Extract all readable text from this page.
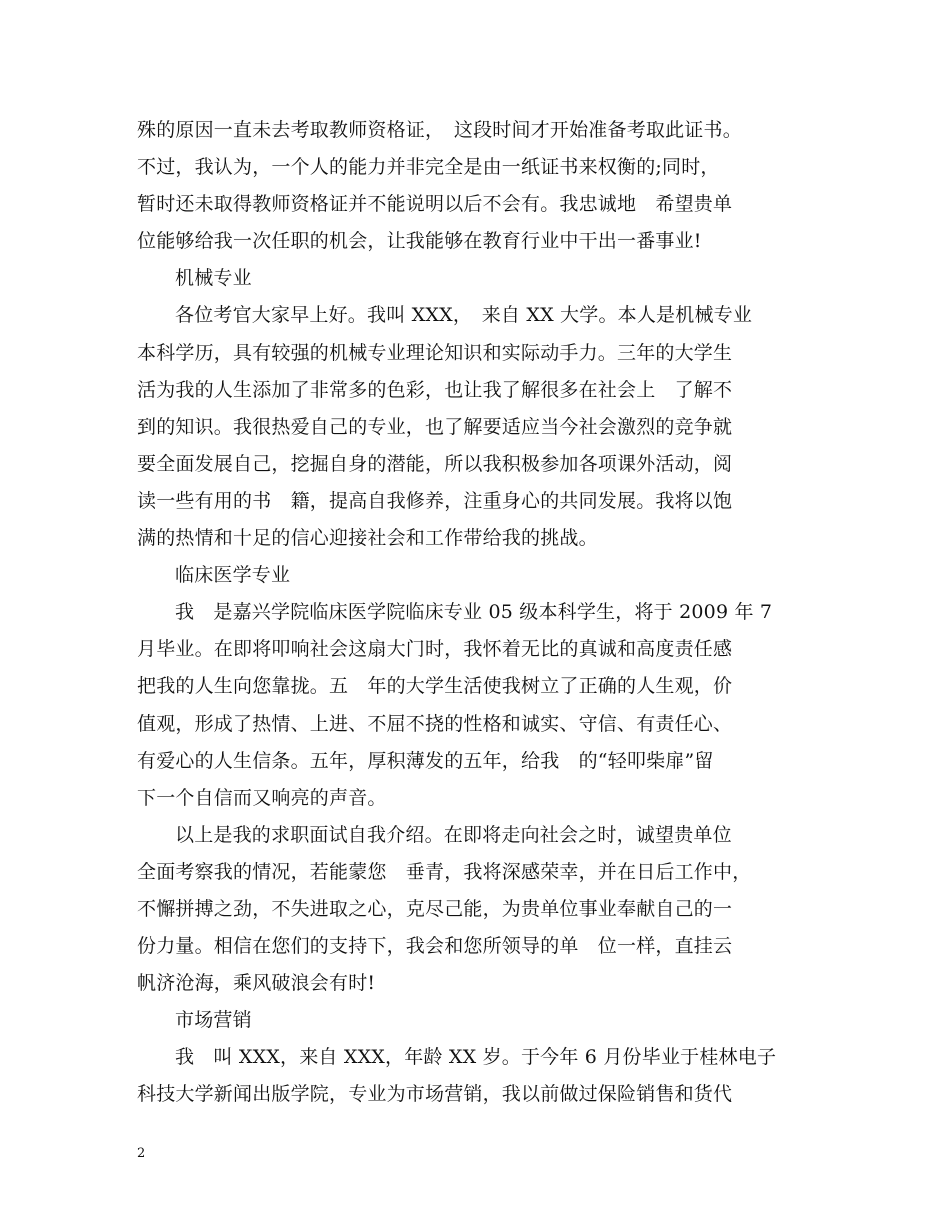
殊的原因一直未去考取教师资格证，　这段时间才开始准备考取此证书。
不过，我认为，一个人的能力并非完全是由一纸证书来权衡的;同时，
暂时还未取得教师资格证并不能说明以后不会有。我忠诚地　希望贵单
位能够给我一次任职的机会，让我能够在教育行业中干出一番事业!
机械专业
各位考官大家早上好。我叫 XXX，　来自 XX 大学。本人是机械专业
本科学历，具有较强的机械专业理论知识和实际动手力。三年的大学生
活为我的人生添加了非常多的色彩，也让我了解很多在社会上　了解不
到的知识。我很热爱自己的专业，也了解要适应当今社会激烈的竞争就
要全面发展自己，挖掘自身的潜能，所以我积极参加各项课外活动，阅
读一些有用的书　籍，提高自我修养，注重身心的共同发展。我将以饱
满的热情和十足的信心迎接社会和工作带给我的挑战。
临床医学专业
我　是嘉兴学院临床医学院临床专业 05 级本科学生，将于 2009 年 7
月毕业。在即将叩响社会这扇大门时，我怀着无比的真诚和高度责任感
把我的人生向您靠拢。五　年的大学生活使我树立了正确的人生观，价
值观，形成了热情、上进、不屈不挠的性格和诚实、守信、有责任心、
有爱心的人生信条。五年，厚积薄发的五年，给我　的“轻叩柴扉”留
下一个自信而又响亮的声音。
以上是我的求职面试自我介绍。在即将走向社会之时，诚望贵单位
全面考察我的情况，若能蒙您　垂青，我将深感荣幸，并在日后工作中，
不懈拼搏之劲，不失进取之心，克尽己能，为贵单位事业奉献自己的一
份力量。相信在您们的支持下，我会和您所领导的单　位一样，直挂云
帆济沧海，乘风破浪会有时!
市场营销
我　叫 XXX，来自 XXX，年龄 XX 岁。于今年 6 月份毕业于桂林电子
科技大学新闻出版学院，专业为市场营销，我以前做过保险销售和货代
2
